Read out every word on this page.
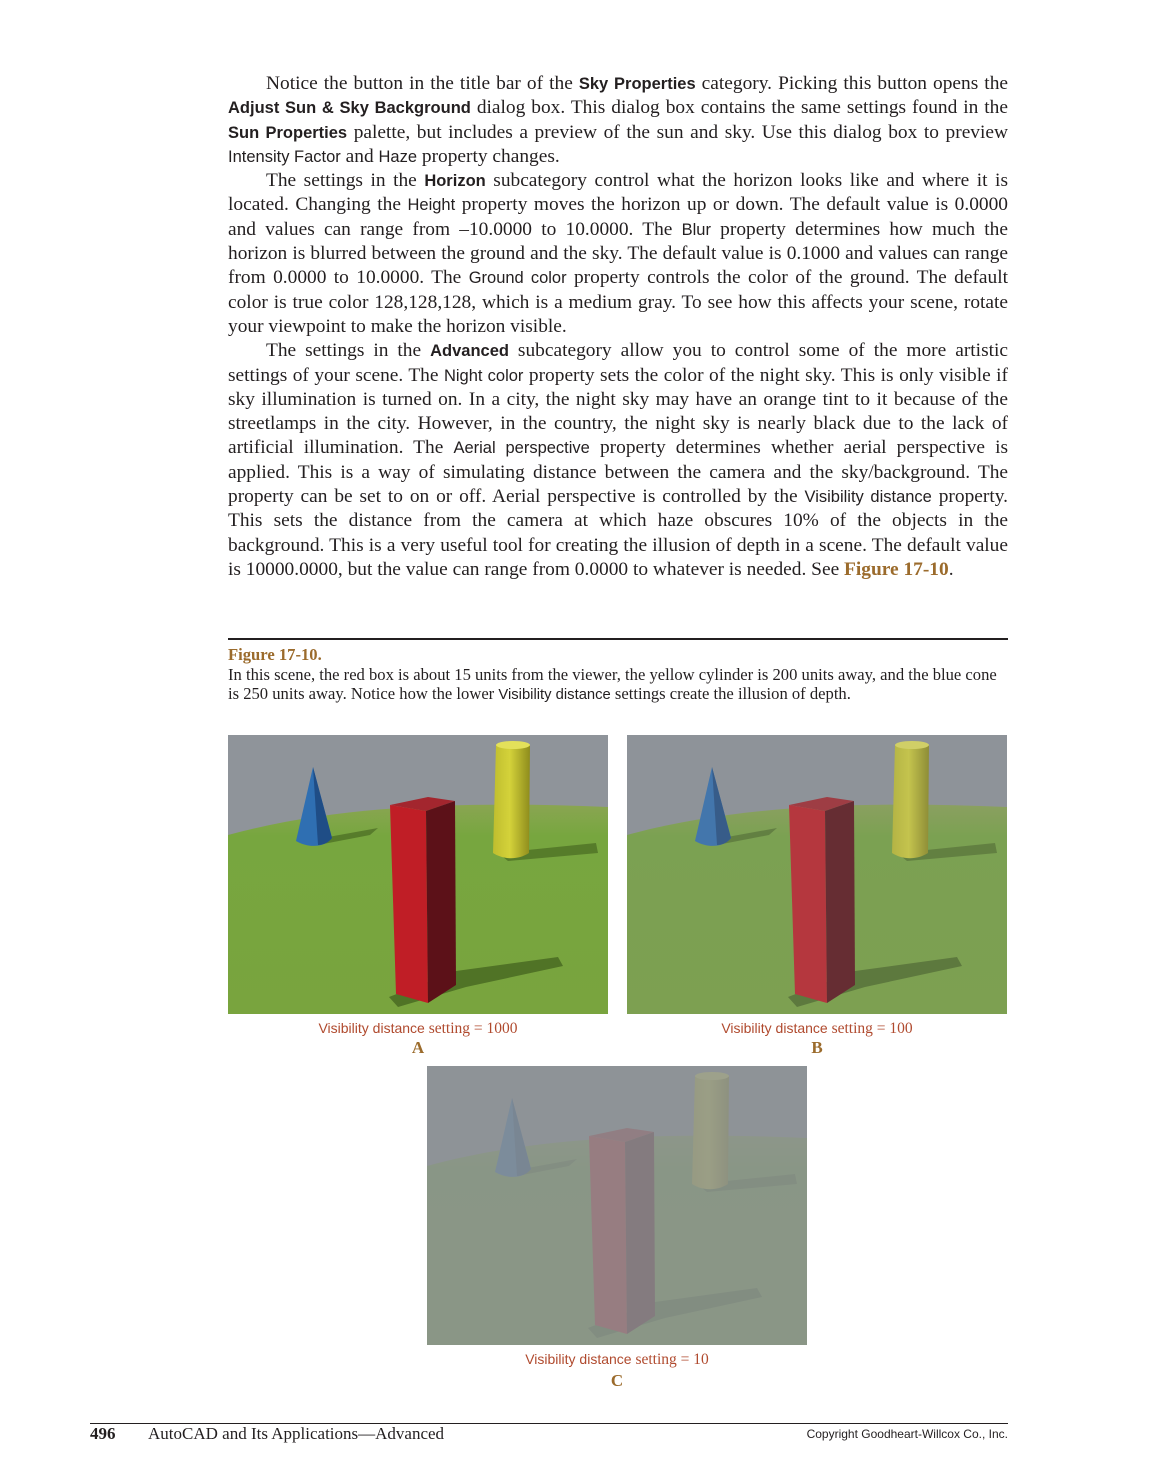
Notice the button in the title bar of the Sky Properties category. Picking this button opens the Adjust Sun & Sky Background dialog box. This dialog box contains the same settings found in the Sun Properties palette, but includes a preview of the sun and sky. Use this dialog box to preview Intensity Factor and Haze property changes.

The settings in the Horizon subcategory control what the horizon looks like and where it is located. Changing the Height property moves the horizon up or down. The default value is 0.0000 and values can range from –10.0000 to 10.0000. The Blur property determines how much the horizon is blurred between the ground and the sky. The default value is 0.1000 and values can range from 0.0000 to 10.0000. The Ground color property controls the color of the ground. The default color is true color 128,128,128, which is a medium gray. To see how this affects your scene, rotate your viewpoint to make the horizon visible.

The settings in the Advanced subcategory allow you to control some of the more artistic settings of your scene. The Night color property sets the color of the night sky. This is only visible if sky illumination is turned on. In a city, the night sky may have an orange tint to it because of the streetlamps in the city. However, in the country, the night sky is nearly black due to the lack of artificial illumination. The Aerial perspective property determines whether aerial perspective is applied. This is a way of simulating distance between the camera and the sky/background. The property can be set to on or off. Aerial perspective is controlled by the Visibility distance property. This sets the distance from the camera at which haze obscures 10% of the objects in the background. This is a very useful tool for creating the illusion of depth in a scene. The default value is 10000.0000, but the value can range from 0.0000 to whatever is needed. See Figure 17-10.

Figure 17-10.
In this scene, the red box is about 15 units from the viewer, the yellow cylinder is 200 units away, and the blue cone is 250 units away. Notice how the lower Visibility distance settings create the illusion of depth.
Visibility distance setting = 1000
A
Visibility distance setting = 100
B
Visibility distance setting = 10
C
496 AutoCAD and Its Applications—Advanced	Copyright Goodheart-Willcox Co., Inc.
